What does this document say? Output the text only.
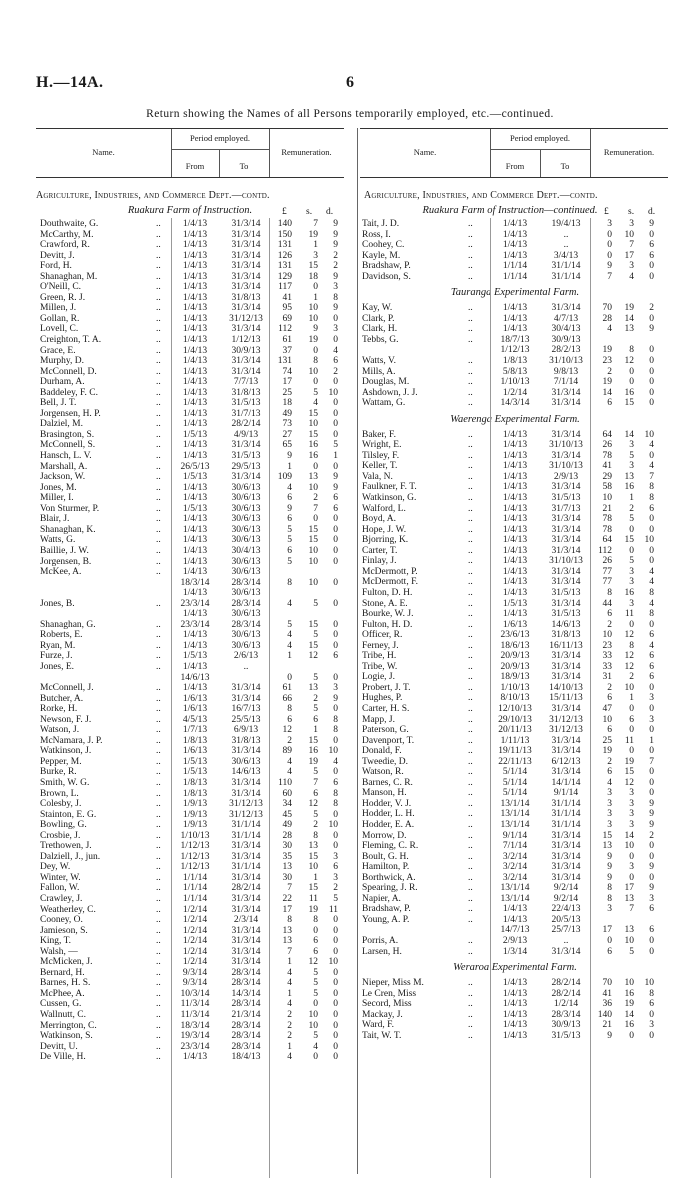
H.—14A.	6
Return showing the Names of all Persons temporarily employed, etc.—continued.
Name.
Period employed.
From	To
Remuneration.	Name.
Period employed.
From	To
Remuneration.
Agriculture, Industries, and Commerce Dept.—contd.
Ruakura Farm of Instruction.	£ s. d.
Agriculture, Industries, and Commerce Dept.—contd.
Ruakura Farm of Instruction—continued. £ s. d.
Douthwaite, G.	..	1/4/13	31/3/14	140	7	9
McCarthy, M.	..	1/4/13	31/3/14	150	19	9
Crawford, R.	..	1/4/13	31/3/14	131	1	9
Devitt, J.	..	1/4/13	31/3/14	126	3	2
Ford, H.	..	1/4/13	31/3/14	131	15	2
Shanaghan, M.	..	1/4/13	31/3/14	129	18	9
O'Neill, C.	..	1/4/13	31/3/14	117	0	3
Green, R. J.	..	1/4/13	31/8/13	41	1	8
Millen, J.	..	1/4/13	31/3/14	95	10	9
Gollan, R.	..	1/4/13	31/12/13	69	10	0
Lovell, C.	..	1/4/13	31/3/14	112	9	3
Creighton, T. A.	..	1/4/13	1/12/13	61	19	0
Grace, E.	..	1/4/13	30/9/13	37	0	4
Murphy, D.	..	1/4/13	31/3/14	131	8	6
McConnell, D.	..	1/4/13	31/3/14	74	10	2
Durham, A.	..	1/4/13	7/7/13	17	0	0
Baddeley, F. C.	..	1/4/13	31/8/13	25	5	10
Bell, J. T.	..	1/4/13	31/5/13	18	4	0
Jorgensen, H. P.	..	1/4/13	31/7/13	49	15	0
Dalziel, M.	..	1/4/13	28/2/14	73	10	0
Brasington, S.	..	1/5/13	4/9/13	27	15	0
McConnell, S.	..	1/4/13	31/3/14	65	16	5
Hansch, L. V.	..	1/4/13	31/5/13	9	16	1
Marshall, A.	..	26/5/13	29/5/13	1	0	0
Jackson, W.	..	1/5/13	31/3/14	109	13	9
Jones, M.	..	1/4/13	30/6/13	4	10	9
Miller, I.	..	1/4/13	30/6/13	6	2	6
Von Sturmer, P.	..	1/5/13	30/6/13	9	7	6
Blair, J.	..	1/4/13	30/6/13	6	0	0
Shanaghan, K.	..	1/4/13	30/6/13	5	15	0
Watts, G.	..	1/4/13	30/6/13	5	15	0
Baillie, J. W.	..	1/4/13	30/4/13	6	10	0
Jorgensen, B.	..	1/4/13	30/6/13	5	10	0
McKee, A.	..	1/4/13	30/6/13
18/3/14	28/3/14	8	10	0
1/4/13	30/6/13
Jones, B.	..	23/3/14	28/3/14	4	5	0
1/4/13	30/6/13
Shanaghan, G.	..	23/3/14	28/3/14	5	15	0
Roberts, E.	..	1/4/13	30/6/13	4	5	0
Ryan, M.	..	1/4/13	30/6/13	4	15	0
Furze, J.	..	1/5/13	2/6/13	1	12	6
Jones, E.	..	1/4/13	..
14/6/13	0	5	0
McConnell, J.	..	1/4/13	31/3/14	61	13	3
Butcher, A.	..	1/6/13	31/3/14	66	2	9
Rorke, H.	..	1/6/13	16/7/13	8	5	0
Newson, F. J.	..	4/5/13	25/5/13	6	6	8
Watson, J.	..	1/7/13	6/9/13	12	1	8
McNamara, J. P.	..	1/8/13	31/8/13	2	15	0
Watkinson, J.	..	1/6/13	31/3/14	89	16	10
Pepper, M.	..	1/5/13	30/6/13	4	19	4
Burke, R.	..	1/5/13	14/6/13	4	5	0
Smith, W. G.	..	1/8/13	31/3/14	110	7	6
Brown, L.	..	1/8/13	31/3/14	60	6	8
Colesby, J.	..	1/9/13	31/12/13	34	12	8
Stainton, E. G.	..	1/9/13	31/12/13	45	5	0
Bowling, G.	..	1/9/13	31/1/14	49	2	10
Crosbie, J.	..	1/10/13	31/1/14	28	8	0
Trethowen, J.	..	1/12/13	31/3/14	30	13	0
Dalziell, J., jun.	..	1/12/13	31/3/14	35	15	3
Dey, W.	..	1/12/13	31/1/14	13	10	6
Winter, W.	..	1/1/14	31/3/14	30	1	3
Fallon, W.	..	1/1/14	28/2/14	7	15	2
Crawley, J.	..	1/1/14	31/3/14	22	11	5
Weatherley, C.	..	1/2/14	31/3/14	17	19	11
Cooney, O.	..	1/2/14	2/3/14	8	8	0
Jamieson, S.	..	1/2/14	31/3/14	13	0	0
King, T.	..	1/2/14	31/3/14	13	6	0
Walsh, —	..	1/2/14	31/3/14	7	6	0
McMicken, J.	..	1/2/14	31/3/14	1	12	10
Bernard, H.	..	9/3/14	28/3/14	4	5	0
Barnes, H. S.	..	9/3/14	28/3/14	4	5	0
McPhee, A.	..	10/3/14	14/3/14	1	5	0
Cussen, G.	..	11/3/14	28/3/14	4	0	0
Wallnutt, C.	..	11/3/14	21/3/14	2	10	0
Merrington, C.	..	18/3/14	28/3/14	2	10	0
Watkinson, S.	..	19/3/14	28/3/14	2	5	0
Devitt, U.	..	23/3/14	28/3/14	1	4	0
De Ville, H.	..	1/4/13	18/4/13	4	0	0
Tait, J. D.	..	1/4/13	19/4/13	3	3	9
Ross, I.	..	1/4/13	..	0	10	0
Coohey, C.	..	1/4/13	..	0	7	6
Kayle, M.	..	1/4/13	3/4/13	0	17	6
Bradshaw, P.	..	1/1/14	31/1/14	9	3	0
Davidson, S.	..	1/1/14	31/1/14	7	4	0
Tauranga Experimental Farm.
Kay, W.	..	1/4/13	31/3/14	70	19	2
Clark, P.	..	1/4/13	4/7/13	28	14	0
Clark, H.	..	1/4/13	30/4/13	4	13	9
Tebbs, G.	..	18/7/13	30/9/13
1/12/13	28/2/13	19	8	0
Watts, V.	..	1/8/13	31/10/13	23	12	0
Mills, A.	..	5/8/13	9/8/13	2	0	0
Douglas, M.	..	1/10/13	7/1/14	19	0	0
Ashdown, J. J.	..	1/2/14	31/3/14	14	16	0
Wattam, G.	..	14/3/14	31/3/14	6	15	0
Waerenga Experimental Farm.
Baker, F.	..	1/4/13	31/3/14	64	14	10
Wright, E.	..	1/4/13	31/10/13	26	3	4
Tilsley, F.	..	1/4/13	31/3/14	78	5	0
Keller, T.	..	1/4/13	31/10/13	41	3	4
Vala, N.	..	1/4/13	2/9/13	29	13	7
Faulkner, F. T.	..	1/4/13	31/3/14	58	16	8
Watkinson, G.	..	1/4/13	31/5/13	10	1	8
Walford, L.	..	1/4/13	31/7/13	21	2	6
Boyd, A.	..	1/4/13	31/3/14	78	5	0
Hope, J. W.	..	1/4/13	31/3/14	78	0	0
Bjorring, K.	..	1/4/13	31/3/14	64	15	10
Carter, T.	..	1/4/13	31/3/14	112	0	0
Finlay, J.	..	1/4/13	31/10/13	26	5	0
McDermott, P.	..	1/4/13	31/3/14	77	3	4
McDermott, F.	..	1/4/13	31/3/14	77	3	4
Fulton, D. H.	..	1/4/13	31/5/13	8	16	8
Stone, A. E.	..	1/5/13	31/3/14	44	3	4
Bourke, W. J.	..	1/4/13	31/5/13	6	11	8
Fulton, H. D.	..	1/6/13	14/6/13	2	0	0
Officer, R.	..	23/6/13	31/8/13	10	12	6
Ferney, J.	..	18/6/13	16/11/13	23	8	4
Tribe, H.	..	20/9/13	31/3/14	33	12	6
Tribe, W.	..	20/9/13	31/3/14	33	12	6
Logie, J.	..	18/9/13	31/3/14	31	2	6
Probert, J. T.	..	1/10/13	14/10/13	2	10	0
Hughes, P.	..	8/10/13	15/11/13	6	1	3
Carter, H. S.	..	12/10/13	31/3/14	47	0	0
Mapp, J.	..	29/10/13	31/12/13	10	6	3
Paterson, G.	..	20/11/13	31/12/13	6	0	0
Davenport, T.	..	1/11/13	31/3/14	25	11	1
Donald, F.	..	19/11/13	31/3/14	19	0	0
Tweedie, D.	..	22/11/13	6/12/13	2	19	7
Watson, R.	..	5/1/14	31/3/14	6	15	0
Barnes, C. R.	..	5/1/14	14/1/14	4	12	0
Manson, H.	..	5/1/14	9/1/14	3	3	0
Hodder, V. J.	..	13/1/14	31/1/14	3	3	9
Hodder, L. H.	..	13/1/14	31/1/14	3	3	9
Hodder, E. A.	..	13/1/14	31/1/14	3	3	9
Morrow, D.	..	9/1/14	31/3/14	15	14	2
Fleming, C. R.	..	7/1/14	31/3/14	13	10	0
Boult, G. H.	..	3/2/14	31/3/14	9	0	0
Hamilton, P.	..	3/2/14	31/3/14	9	3	9
Borthwick, A.	..	3/2/14	31/3/14	9	0	0
Spearing, J. R.	..	13/1/14	9/2/14	8	17	9
Napier, A.	..	13/1/14	9/2/14	8	13	3
Bradshaw, P.	..	1/4/13	22/4/13	3	7	6
Young, A. P.	..	1/4/13	20/5/13
14/7/13	25/7/13	17	13	6
Porris, A.	..	2/9/13	..	0	10	0
Larsen, H.	..	1/3/14	31/3/14	6	5	0
Weraroa Experimental Farm.
Nieper, Miss M.	..	1/4/13	28/2/14	70	10	10
Le Cren, Miss	..	1/4/13	28/2/14	41	16	8
Secord, Miss	..	1/4/13	1/2/14	36	19	6
Mackay, J.	..	1/4/13	28/3/14	140	14	0
Ward, F.	..	1/4/13	30/9/13	21	16	3
Tait, W. T.	..	1/4/13	31/5/13	9	0	0
